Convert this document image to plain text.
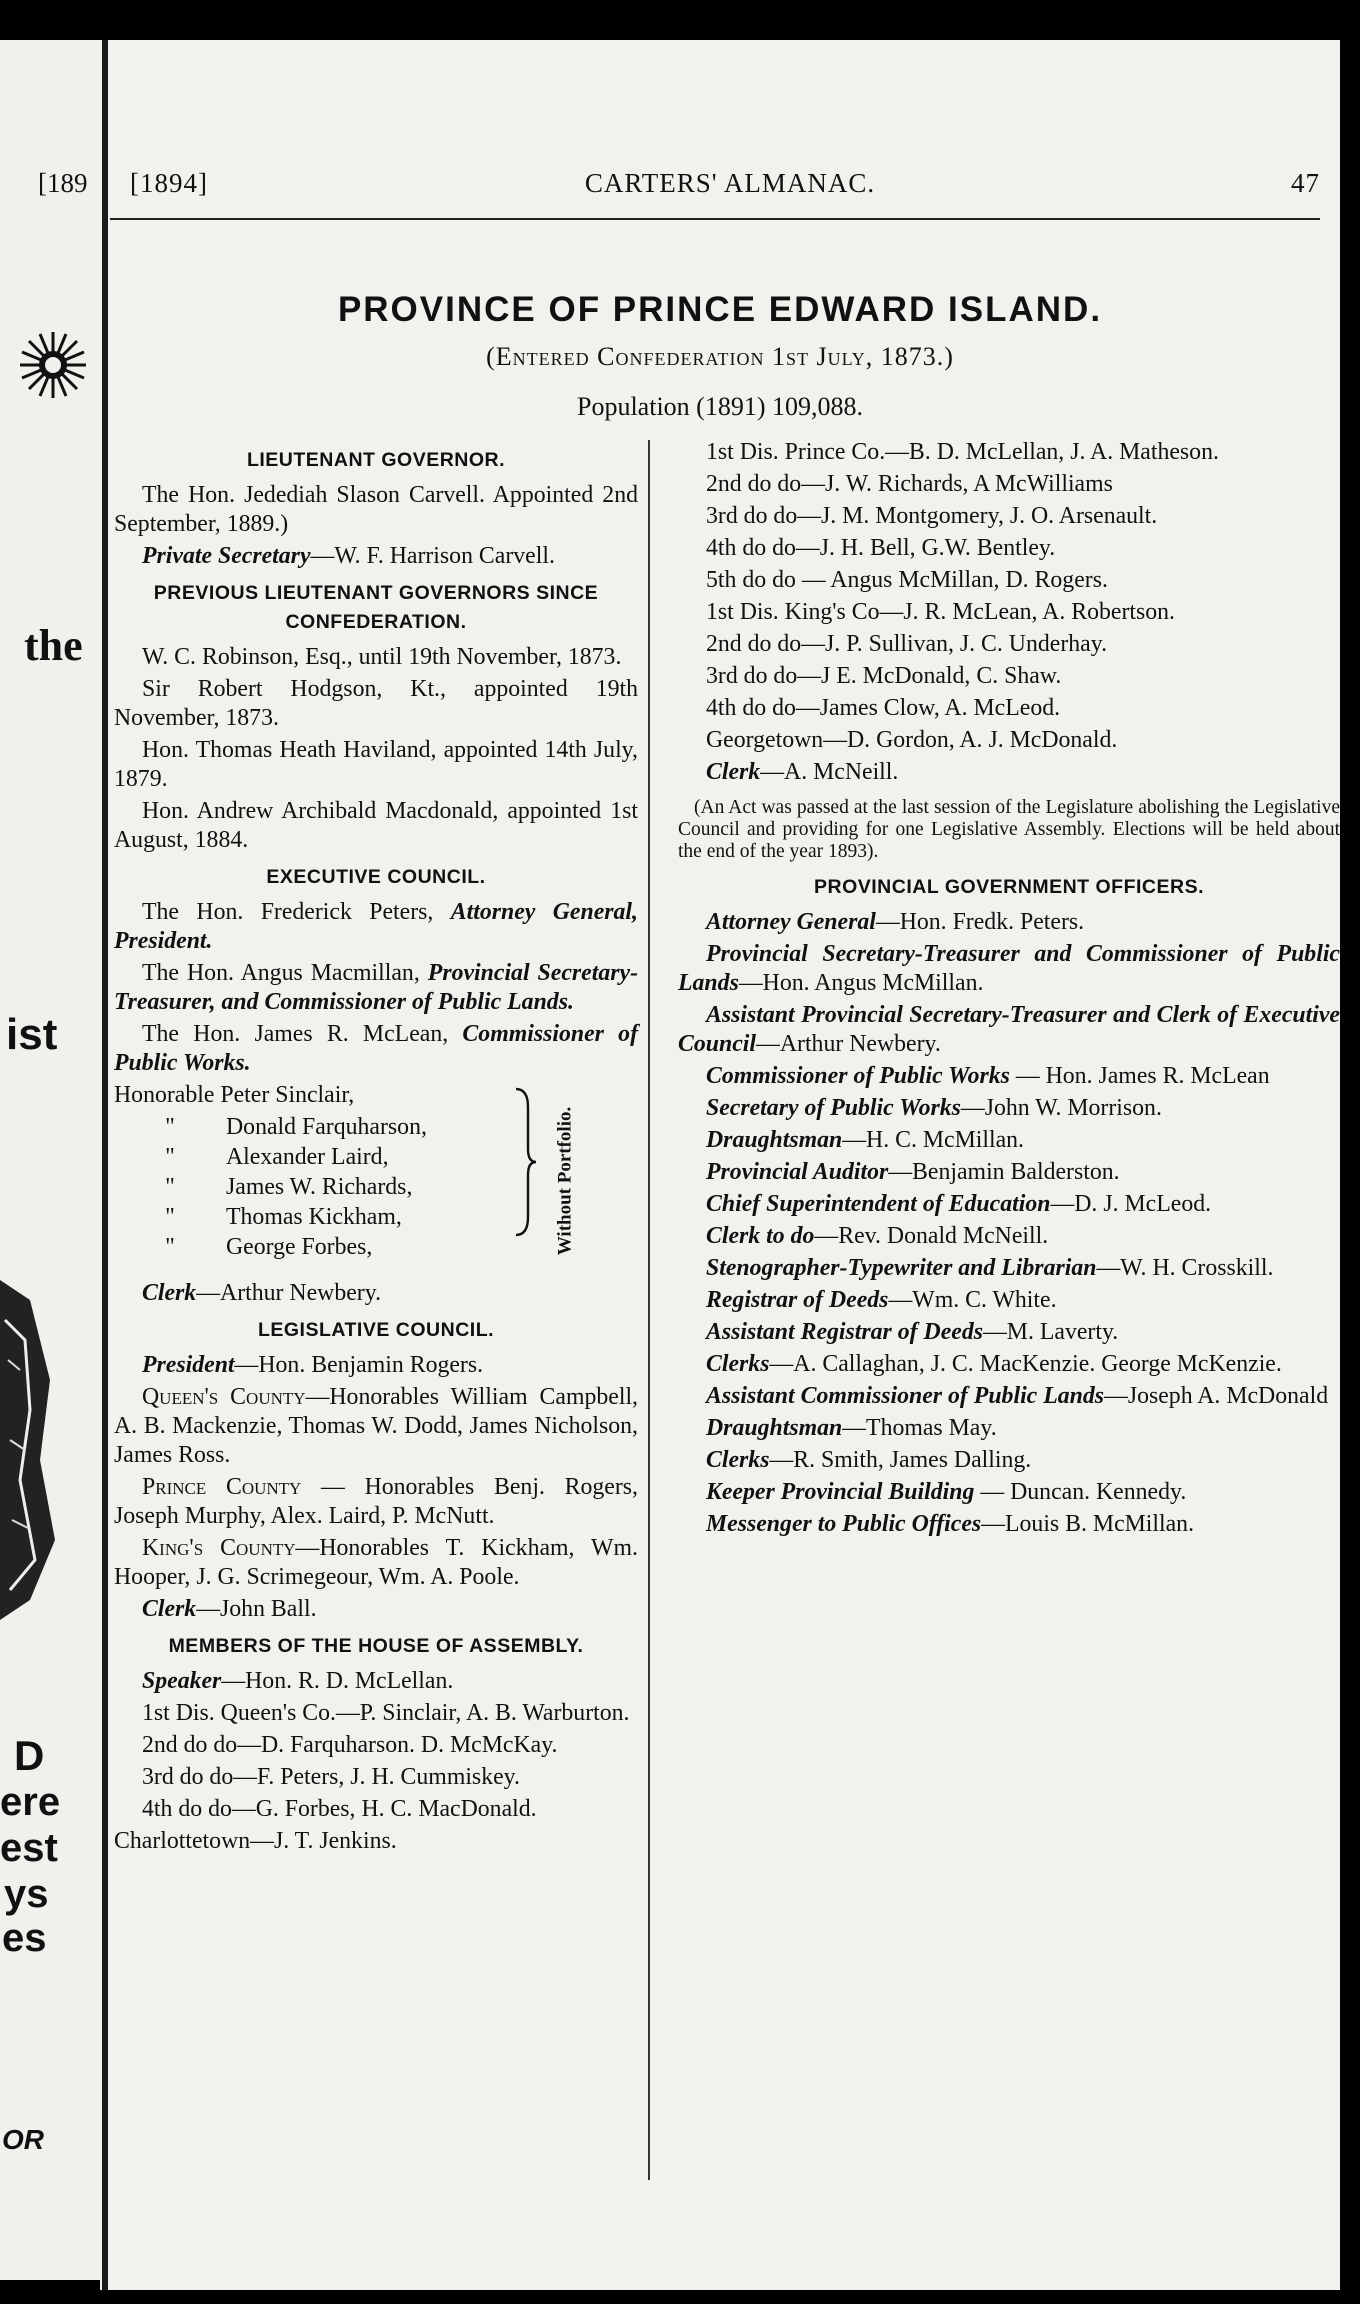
[189
the
ist
D
ere
est
ys
es
OR
[1894]	CARTERS' ALMANAC.	47
PROVINCE OF PRINCE EDWARD ISLAND.
(Entered Confederation 1st July, 1873.)
Population (1891) 109,088.
LIEUTENANT GOVERNOR.

The Hon. Jedediah Slason Carvell. Appointed 2nd September, 1889.)

Private Secretary—W. F. Harrison Carvell.

PREVIOUS LIEUTENANT GOVERNORS SINCE CONFEDERATION.

W. C. Robinson, Esq., until 19th November, 1873.

Sir Robert Hodgson, Kt., appointed 19th November, 1873.

Hon. Thomas Heath Haviland, appointed 14th July, 1879.

Hon. Andrew Archibald Macdonald, appointed 1st August, 1884.

EXECUTIVE COUNCIL.

The Hon. Frederick Peters, Attorney General, President.

The Hon. Angus Macmillan, Provincial Secretary-Treasurer, and Commissioner of Public Lands.

The Hon. James R. McLean, Commissioner of Public Works.

Honorable Peter Sinclair,
" Donald Farquharson,
" Alexander Laird,
" James W. Richards,
" Thomas Kickham,
" George Forbes,	Without Portfolio.

Clerk—Arthur Newbery.

LEGISLATIVE COUNCIL.

President—Hon. Benjamin Rogers.

Queen's County—Honorables William Campbell, A. B. Mackenzie, Thomas W. Dodd, James Nicholson, James Ross.

Prince County — Honorables Benj. Rogers, Joseph Murphy, Alex. Laird, P. McNutt.

King's County—Honorables T. Kickham, Wm. Hooper, J. G. Scrimegeour, Wm. A. Poole.

Clerk—John Ball.

MEMBERS OF THE HOUSE OF ASSEMBLY.

Speaker—Hon. R. D. McLellan.

1st Dis. Queen's Co.—P. Sinclair, A. B. Warburton.

2nd do do—D. Farquharson. D. McMcKay.

3rd do do—F. Peters, J. H. Cummiskey.

4th do do—G. Forbes, H. C. MacDonald.

Charlottetown—J. T. Jenkins.

1st Dis. Prince Co.—B. D. McLellan, J. A. Matheson.

2nd do do—J. W. Richards, A McWilliams

3rd do do—J. M. Montgomery, J. O. Arsenault.

4th do do—J. H. Bell, G.W. Bentley.

5th do do — Angus McMillan, D. Rogers.

1st Dis. King's Co—J. R. McLean, A. Robertson.

2nd do do—J. P. Sullivan, J. C. Underhay.

3rd do do—J E. McDonald, C. Shaw.

4th do do—James Clow, A. McLeod.

Georgetown—D. Gordon, A. J. McDonald.

Clerk—A. McNeill.

(An Act was passed at the last session of the Legislature abolishing the Legislative Council and providing for one Legislative Assembly. Elections will be held about the end of the year 1893).

PROVINCIAL GOVERNMENT OFFICERS.

Attorney General—Hon. Fredk. Peters.

Provincial Secretary-Treasurer and Commissioner of Public Lands—Hon. Angus McMillan.

Assistant Provincial Secretary-Treasurer and Clerk of Executive Council—Arthur Newbery.

Commissioner of Public Works — Hon. James R. McLean

Secretary of Public Works—John W. Morrison.

Draughtsman—H. C. McMillan.

Provincial Auditor—Benjamin Balderston.

Chief Superintendent of Education—D. J. McLeod.

Clerk to do—Rev. Donald McNeill.

Stenographer-Typewriter and Librarian—W. H. Crosskill.

Registrar of Deeds—Wm. C. White.

Assistant Registrar of Deeds—M. Laverty.

Clerks—A. Callaghan, J. C. MacKenzie. George McKenzie.

Assistant Commissioner of Public Lands—Joseph A. McDonald

Draughtsman—Thomas May.

Clerks—R. Smith, James Dalling.

Keeper Provincial Building — Duncan. Kennedy.

Messenger to Public Offices—Louis B. McMillan.
